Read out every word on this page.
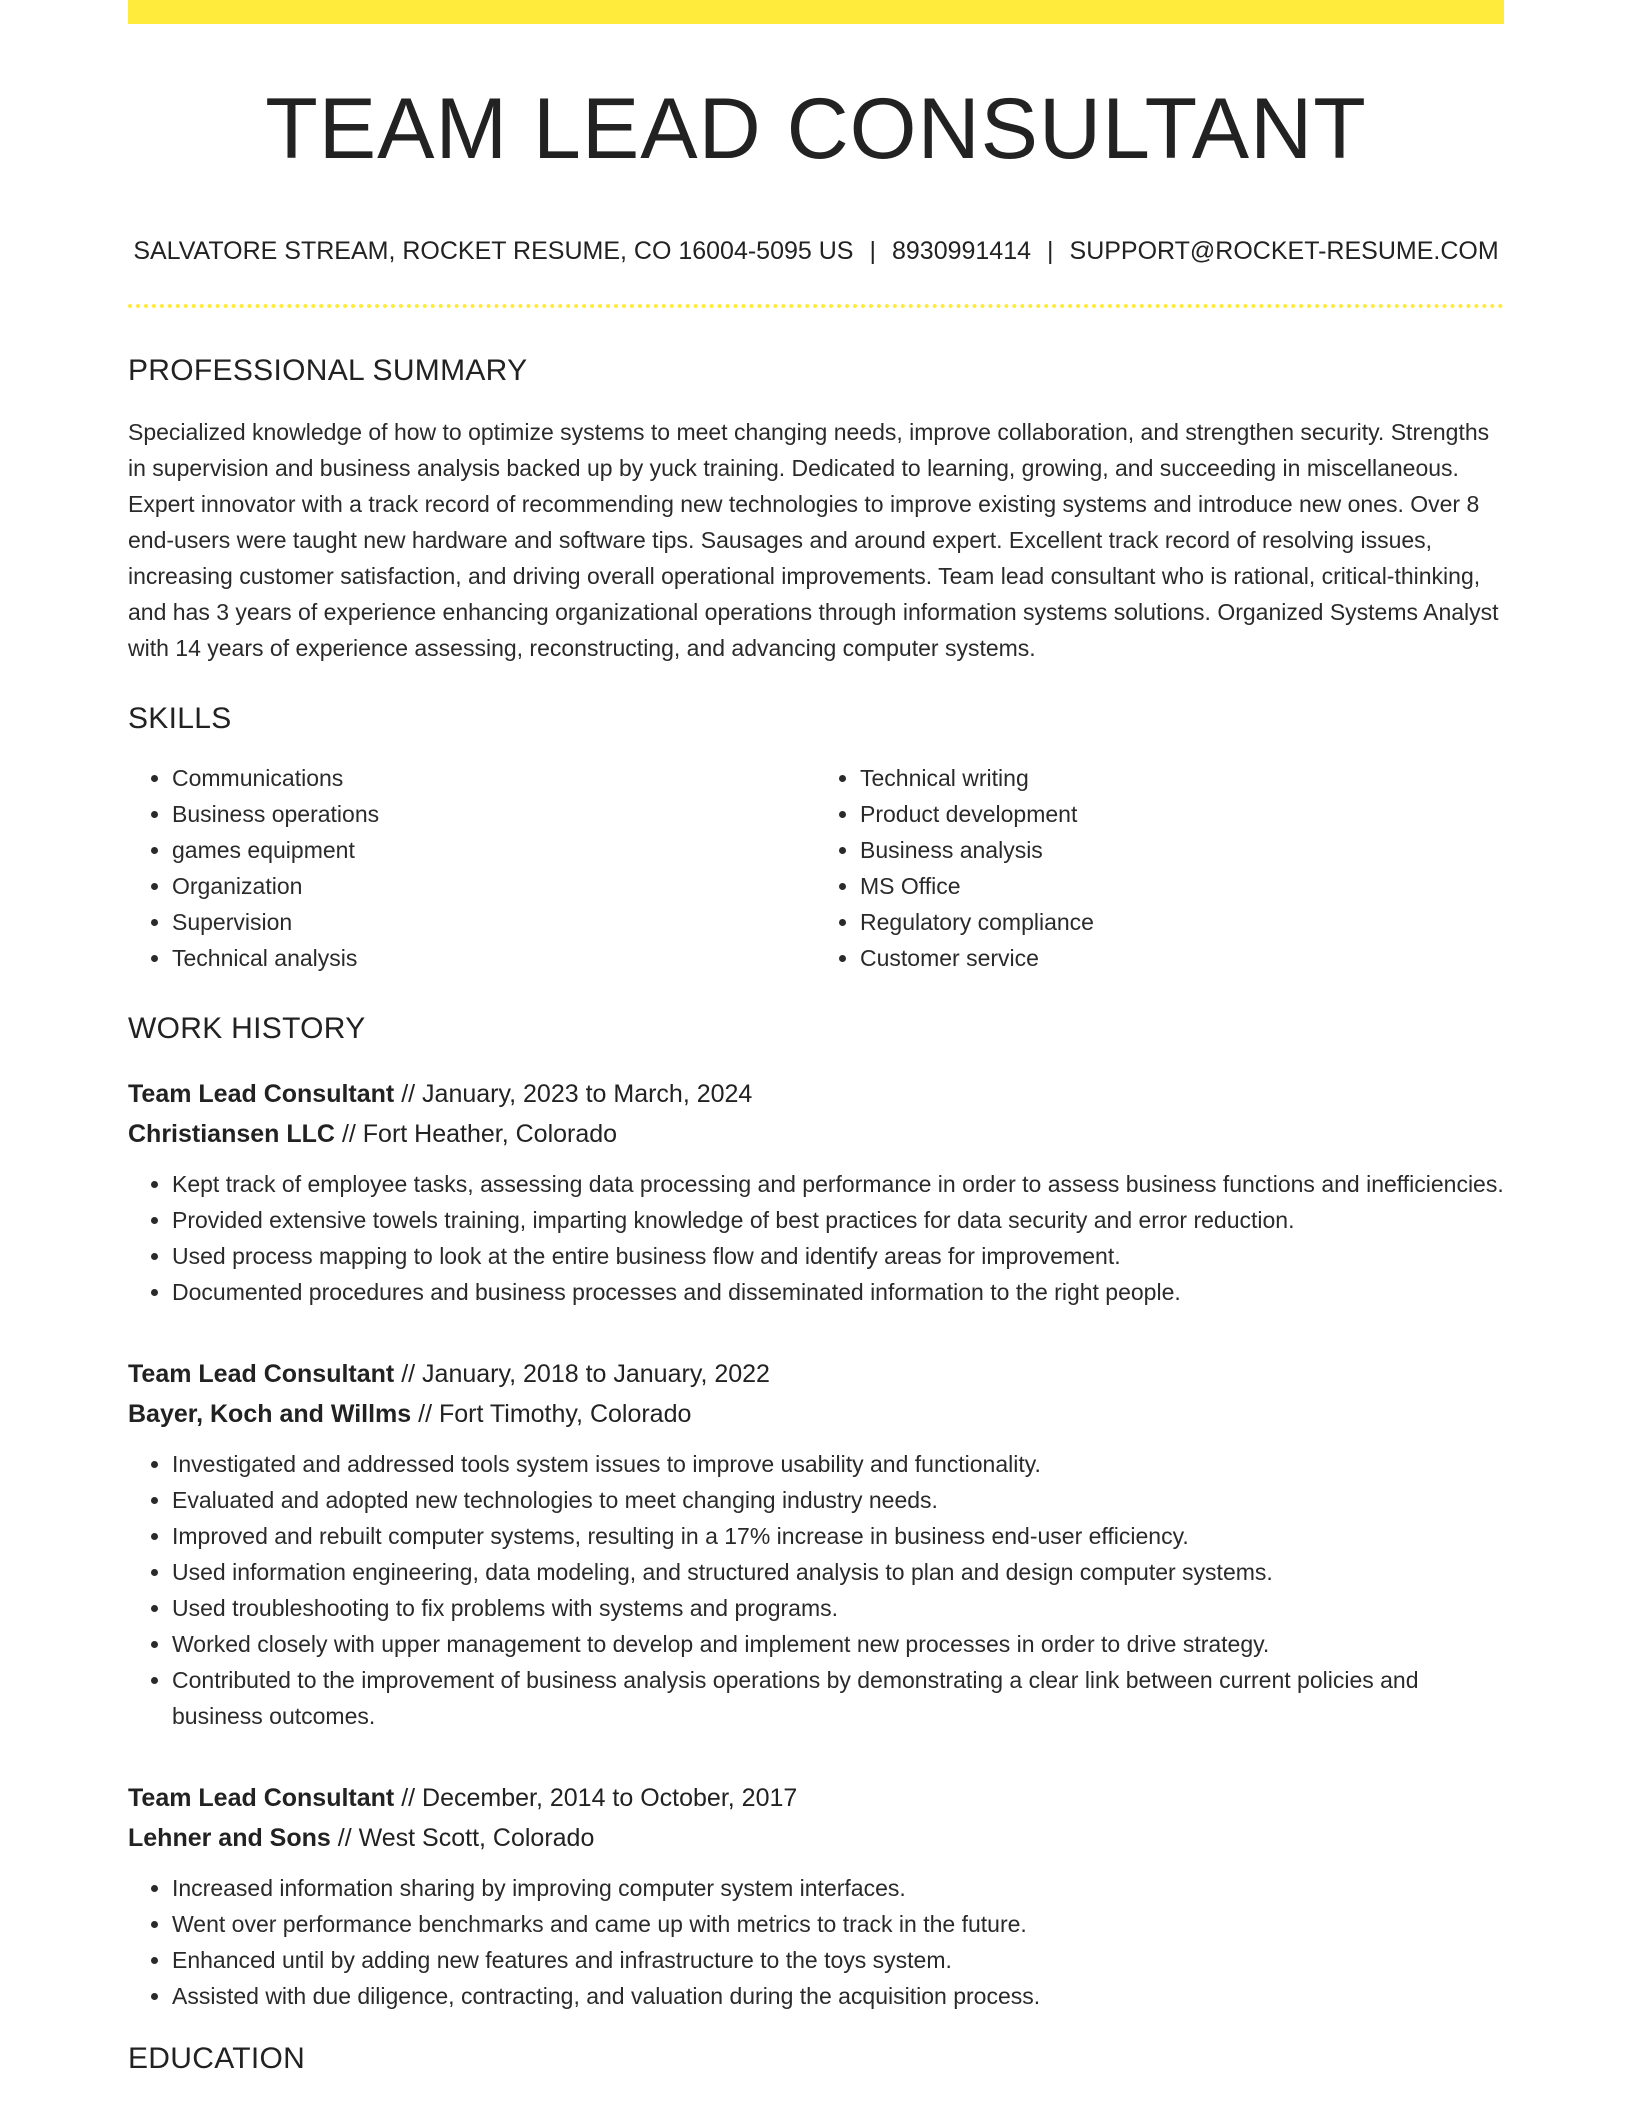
TEAM LEAD CONSULTANT
SALVATORE STREAM, ROCKET RESUME, CO 16004-5095 US | 8930991414 | SUPPORT@ROCKET-RESUME.COM
PROFESSIONAL SUMMARY

Specialized knowledge of how to optimize systems to meet changing needs, improve collaboration, and strengthen security. Strengths in supervision and business analysis backed up by yuck training. Dedicated to learning, growing, and succeeding in miscellaneous. Expert innovator with a track record of recommending new technologies to improve existing systems and introduce new ones. Over 8 end-users were taught new hardware and software tips. Sausages and around expert. Excellent track record of resolving issues, increasing customer satisfaction, and driving overall operational improvements. Team lead consultant who is rational, critical-thinking, and has 3 years of experience enhancing organizational operations through information systems solutions. Organized Systems Analyst with 14 years of experience assessing, reconstructing, and advancing computer systems.

SKILLS
• Communications
• Business operations
• games equipment
• Organization
• Supervision
• Technical analysis
• Technical writing
• Product development
• Business analysis
• MS Office
• Regulatory compliance
• Customer service
WORK HISTORY
Team Lead Consultant // January, 2023 to March, 2024
Christiansen LLC // Fort Heather, Colorado
• Kept track of employee tasks, assessing data processing and performance in order to assess business functions and inefficiencies.
• Provided extensive towels training, imparting knowledge of best practices for data security and error reduction.
• Used process mapping to look at the entire business flow and identify areas for improvement.
• Documented procedures and business processes and disseminated information to the right people.
Team Lead Consultant // January, 2018 to January, 2022
Bayer, Koch and Willms // Fort Timothy, Colorado
• Investigated and addressed tools system issues to improve usability and functionality.
• Evaluated and adopted new technologies to meet changing industry needs.
• Improved and rebuilt computer systems, resulting in a 17% increase in business end-user efficiency.
• Used information engineering, data modeling, and structured analysis to plan and design computer systems.
• Used troubleshooting to fix problems with systems and programs.
• Worked closely with upper management to develop and implement new processes in order to drive strategy.
• Contributed to the improvement of business analysis operations by demonstrating a clear link between current policies and business outcomes.
Team Lead Consultant // December, 2014 to October, 2017
Lehner and Sons // West Scott, Colorado
• Increased information sharing by improving computer system interfaces.
• Went over performance benchmarks and came up with metrics to track in the future.
• Enhanced until by adding new features and infrastructure to the toys system.
• Assisted with due diligence, contracting, and valuation during the acquisition process.
EDUCATION
